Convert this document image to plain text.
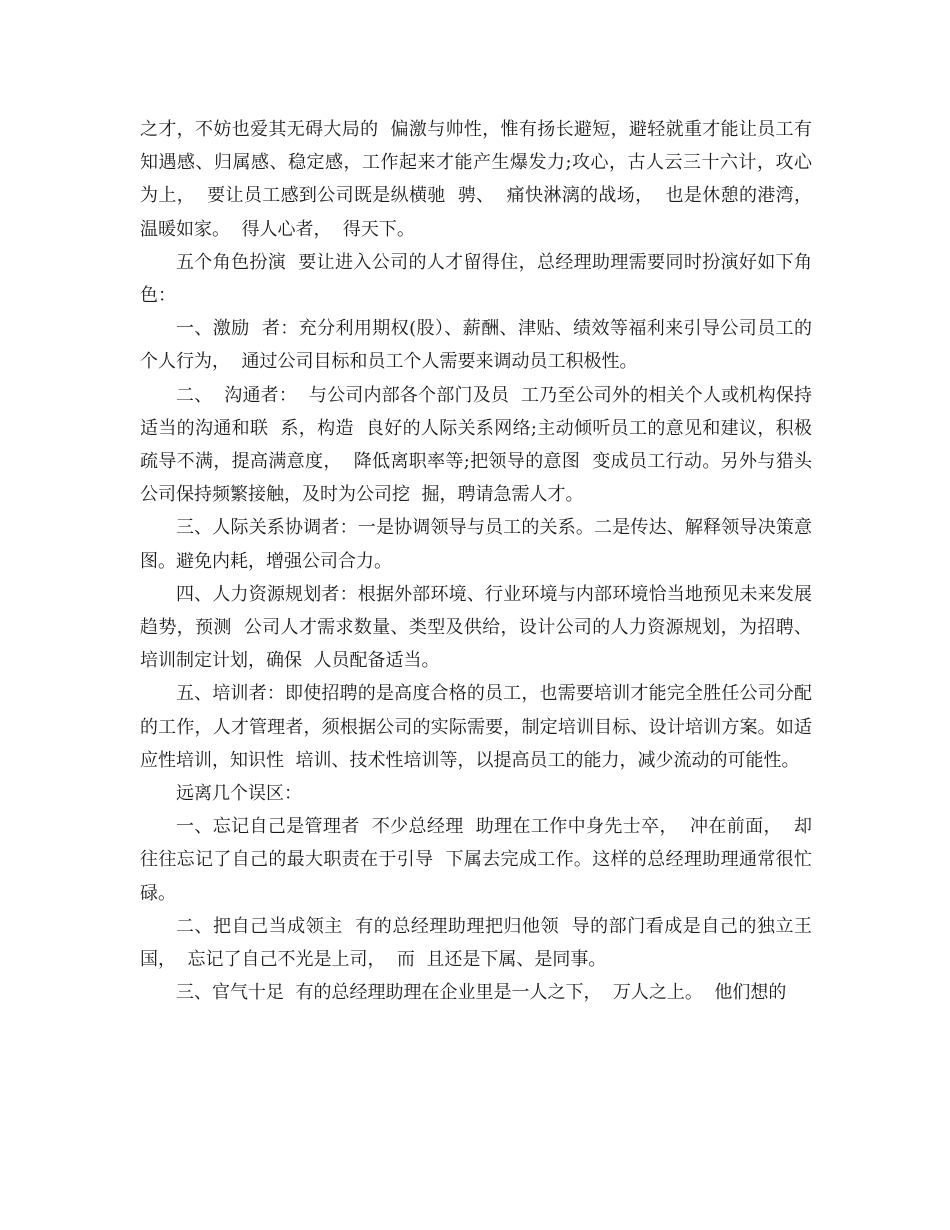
之才，不妨也爱其无碍大局的  偏激与帅性，惟有扬长避短，避轻就重才能让员工有  知遇感、归属感、稳定感，工作起来才能产生爆发力;攻心，古人云三十六计，攻心为上，  要让员工感到公司既是纵横驰  骋、  痛快淋漓的战场，  也是休憩的港湾，  温暖如家。  得人心者，  得天下。

五个角色扮演  要让进入公司的人才留得住，总经理助理需要同时扮演好如下角色：

一、激励  者：充分利用期权(股）、薪酬、津贴、绩效等福利来引导公司员工的个人行为，  通过公司目标和员工个人需要来调动员工积极性。

二、  沟通者：  与公司内部各个部门及员  工乃至公司外的相关个人或机构保持适当的沟通和联  系，构造  良好的人际关系网络;主动倾听员工的意见和建议，积极疏导不满，提高满意度，  降低离职率等;把领导的意图  变成员工行动。另外与猎头公司保持频繁接触，及时为公司挖  掘，聘请急需人才。

三、人际关系协调者：一是协调领导与员工的关系。二是传达、解释领导决策意图。避免内耗，增强公司合力。

四、人力资源规划者：根据外部环境、行业环境与内部环境恰当地预见未来发展趋势，预测  公司人才需求数量、类型及供给，设计公司的人力资源规划，为招聘、培训制定计划，确保  人员配备适当。

五、培训者：即使招聘的是高度合格的员工，也需要培训才能完全胜任公司分配的工作，人才管理者，须根据公司的实际需要，制定培训目标、设计培训方案。如适应性培训，知识性  培训、技术性培训等，以提高员工的能力，减少流动的可能性。

远离几个误区：

一、忘记自己是管理者  不少总经理  助理在工作中身先士卒，  冲在前面，  却往往忘记了自己的最大职责在于引导  下属去完成工作。这样的总经理助理通常很忙碌。

二、把自己当成领主  有的总经理助理把归他领  导的部门看成是自己的独立王国，  忘记了自己不光是上司，  而  且还是下属、是同事。

三、官气十足  有的总经理助理在企业里是一人之下，  万人之上。  他们想的
